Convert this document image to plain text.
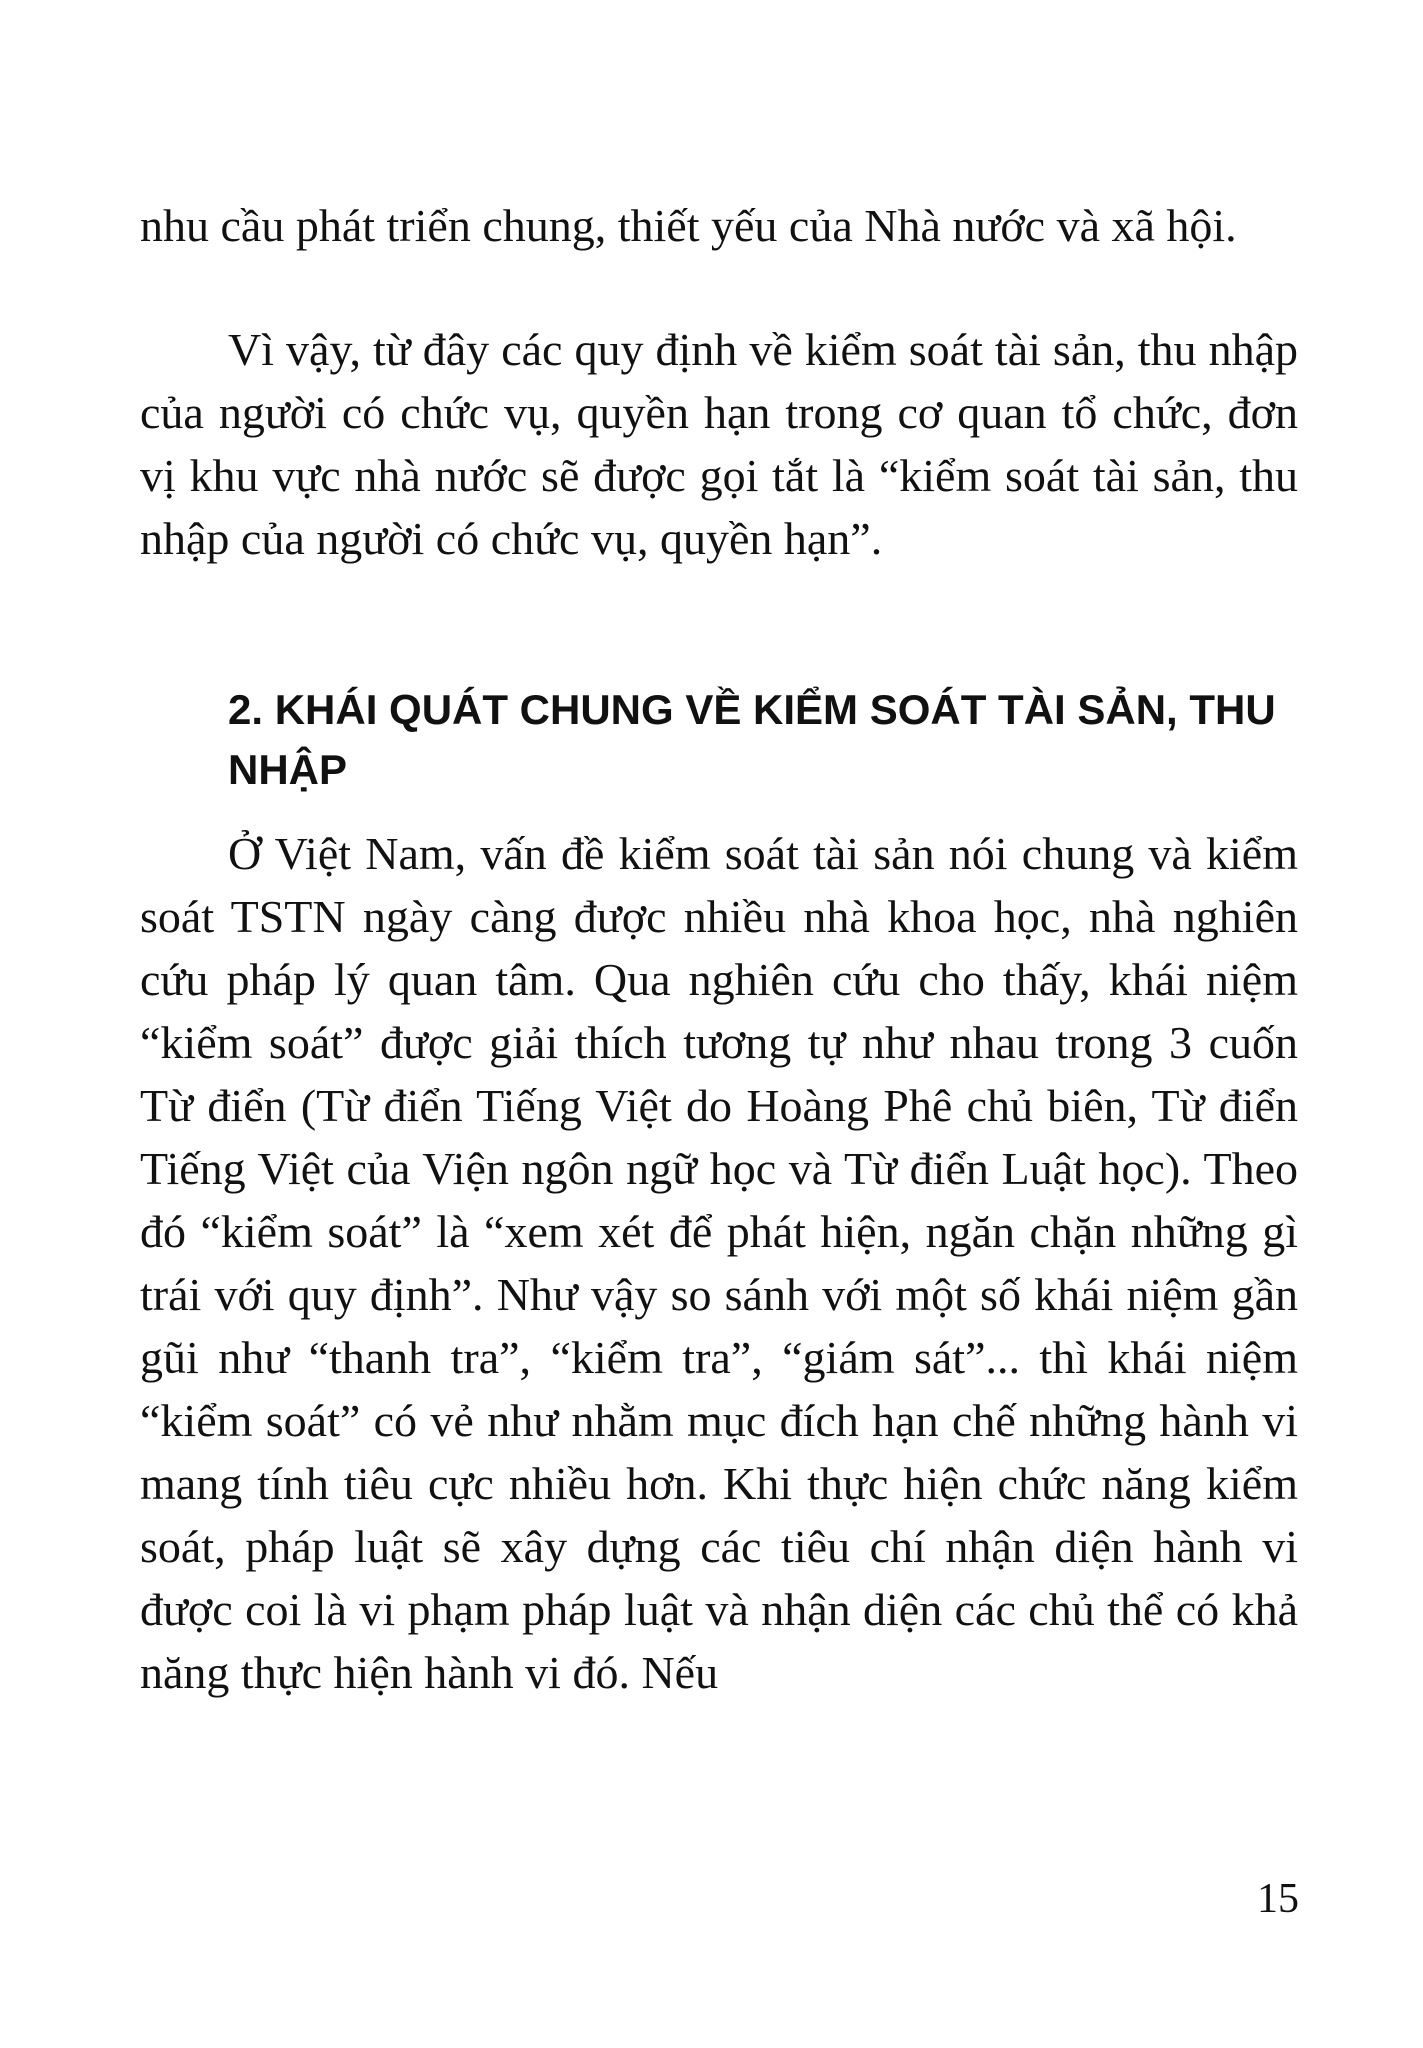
nhu cầu phát triển chung, thiết yếu của Nhà nước và xã hội.

Vì vậy, từ đây các quy định về kiểm soát tài sản, thu nhập của người có chức vụ, quyền hạn trong cơ quan tổ chức, đơn vị khu vực nhà nước sẽ được gọi tắt là “kiểm soát tài sản, thu nhập của người có chức vụ, quyền hạn”.

2. KHÁI QUÁT CHUNG VỀ KIỂM SOÁT TÀI SẢN, THU NHẬP

Ở Việt Nam, vấn đề kiểm soát tài sản nói chung và kiểm soát TSTN ngày càng được nhiều nhà khoa học, nhà nghiên cứu pháp lý quan tâm. Qua nghiên cứu cho thấy, khái niệm “kiểm soát” được giải thích tương tự như nhau trong 3 cuốn Từ điển (Từ điển Tiếng Việt do Hoàng Phê chủ biên, Từ điển Tiếng Việt của Viện ngôn ngữ học và Từ điển Luật học). Theo đó “kiểm soát” là “xem xét để phát hiện, ngăn chặn những gì trái với quy định”. Như vậy so sánh với một số khái niệm gần gũi như “thanh tra”, “kiểm tra”, “giám sát”... thì khái niệm “kiểm soát” có vẻ như nhằm mục đích hạn chế những hành vi mang tính tiêu cực nhiều hơn. Khi thực hiện chức năng kiểm soát, pháp luật sẽ xây dựng các tiêu chí nhận diện hành vi được coi là vi phạm pháp luật và nhận diện các chủ thể có khả năng thực hiện hành vi đó. Nếu

15
